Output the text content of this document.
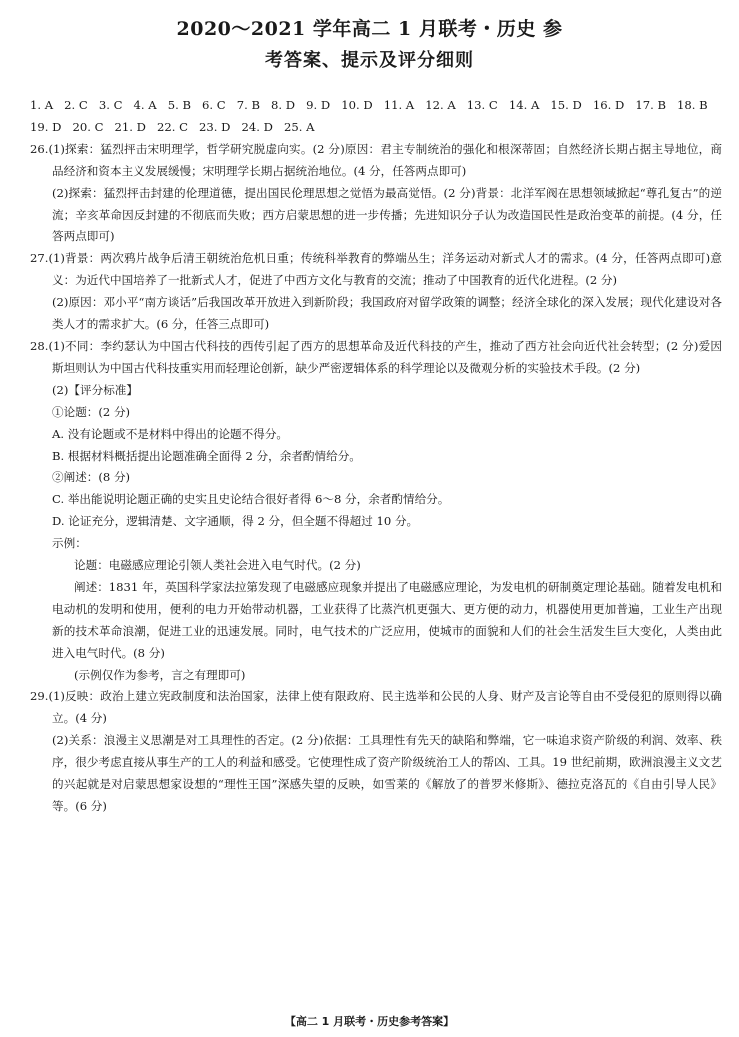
2020～2021 学年高二 1 月联考・历史 参
考答案、提示及评分细则

1. A   2. C   3. C   4. A   5. B   6. C   7. B   8. D   9. D   10. D   11. A   12. A   13. C   14. A   15. D   16. D   17. B   18. B

19. D   20. C   21. D   22. C   23. D   24. D   25. A

26.(1)探索：猛烈抨击宋明理学，哲学研究脱虚向实。(2 分)原因：君主专制统治的强化和根深蒂固；自然经济长期占据主导地位，商品经济和资本主义发展缓慢；宋明理学长期占据统治地位。(4 分，任答两点即可)

(2)探索：猛烈抨击封建的伦理道德，提出国民伦理思想之觉悟为最高觉悟。(2 分)背景：北洋军阀在思想领域掀起“尊孔复古”的逆流；辛亥革命因反封建的不彻底而失败；西方启蒙思想的进一步传播；先进知识分子认为改造国民性是政治变革的前提。(4 分，任答两点即可)

27.(1)背景：两次鸦片战争后清王朝统治危机日重；传统科举教育的弊端丛生；洋务运动对新式人才的需求。(4 分，任答两点即可)意义：为近代中国培养了一批新式人才，促进了中西方文化与教育的交流；推动了中国教育的近代化进程。(2 分)

(2)原因：邓小平“南方谈话”后我国改革开放进入到新阶段；我国政府对留学政策的调整；经济全球化的深入发展；现代化建设对各类人才的需求扩大。(6 分，任答三点即可)

28.(1)不同：李约瑟认为中国古代科技的西传引起了西方的思想革命及近代科技的产生，推动了西方社会向近代社会转型；(2 分)爱因斯坦则认为中国古代科技重实用而轻理论创新，缺少严密逻辑体系的科学理论以及微观分析的实验技术手段。(2 分)

(2)【评分标准】

①论题：(2 分)

A. 没有论题或不是材料中得出的论题不得分。

B. 根据材料概括提出论题准确全面得 2 分，余者酌情给分。

②阐述：(8 分)

C. 举出能说明论题正确的史实且史论结合很好者得 6～8 分，余者酌情给分。

D. 论证充分，逻辑清楚、文字通顺，得 2 分，但全题不得超过 10 分。

示例：

论题：电磁感应理论引领人类社会进入电气时代。(2 分)

阐述：1831 年，英国科学家法拉第发现了电磁感应现象并提出了电磁感应理论，为发电机的研制奠定理论基础。随着发电机和电动机的发明和使用，便利的电力开始带动机器，工业获得了比蒸汽机更强大、更方便的动力，机器使用更加普遍，工业生产出现新的技术革命浪潮，促进工业的迅速发展。同时，电气技术的广泛应用，使城市的面貌和人们的社会生活发生巨大变化，人类由此进入电气时代。(8 分)

(示例仅作为参考，言之有理即可)

29.(1)反映：政治上建立宪政制度和法治国家，法律上使有限政府、民主选举和公民的人身、财产及言论等自由不受侵犯的原则得以确立。(4 分)

(2)关系：浪漫主义思潮是对工具理性的否定。(2 分)依据：工具理性有先天的缺陷和弊端，它一味追求资产阶级的利润、效率、秩序，很少考虑直接从事生产的工人的利益和感受。它使理性成了资产阶级统治工人的帮凶、工具。19 世纪前期，欧洲浪漫主义文艺的兴起就是对启蒙思想家设想的“理性王国”深感失望的反映，如雪莱的《解放了的普罗米修斯》、德拉克洛瓦的《自由引导人民》等。(6 分)

【高二 1 月联考・历史参考答案】
